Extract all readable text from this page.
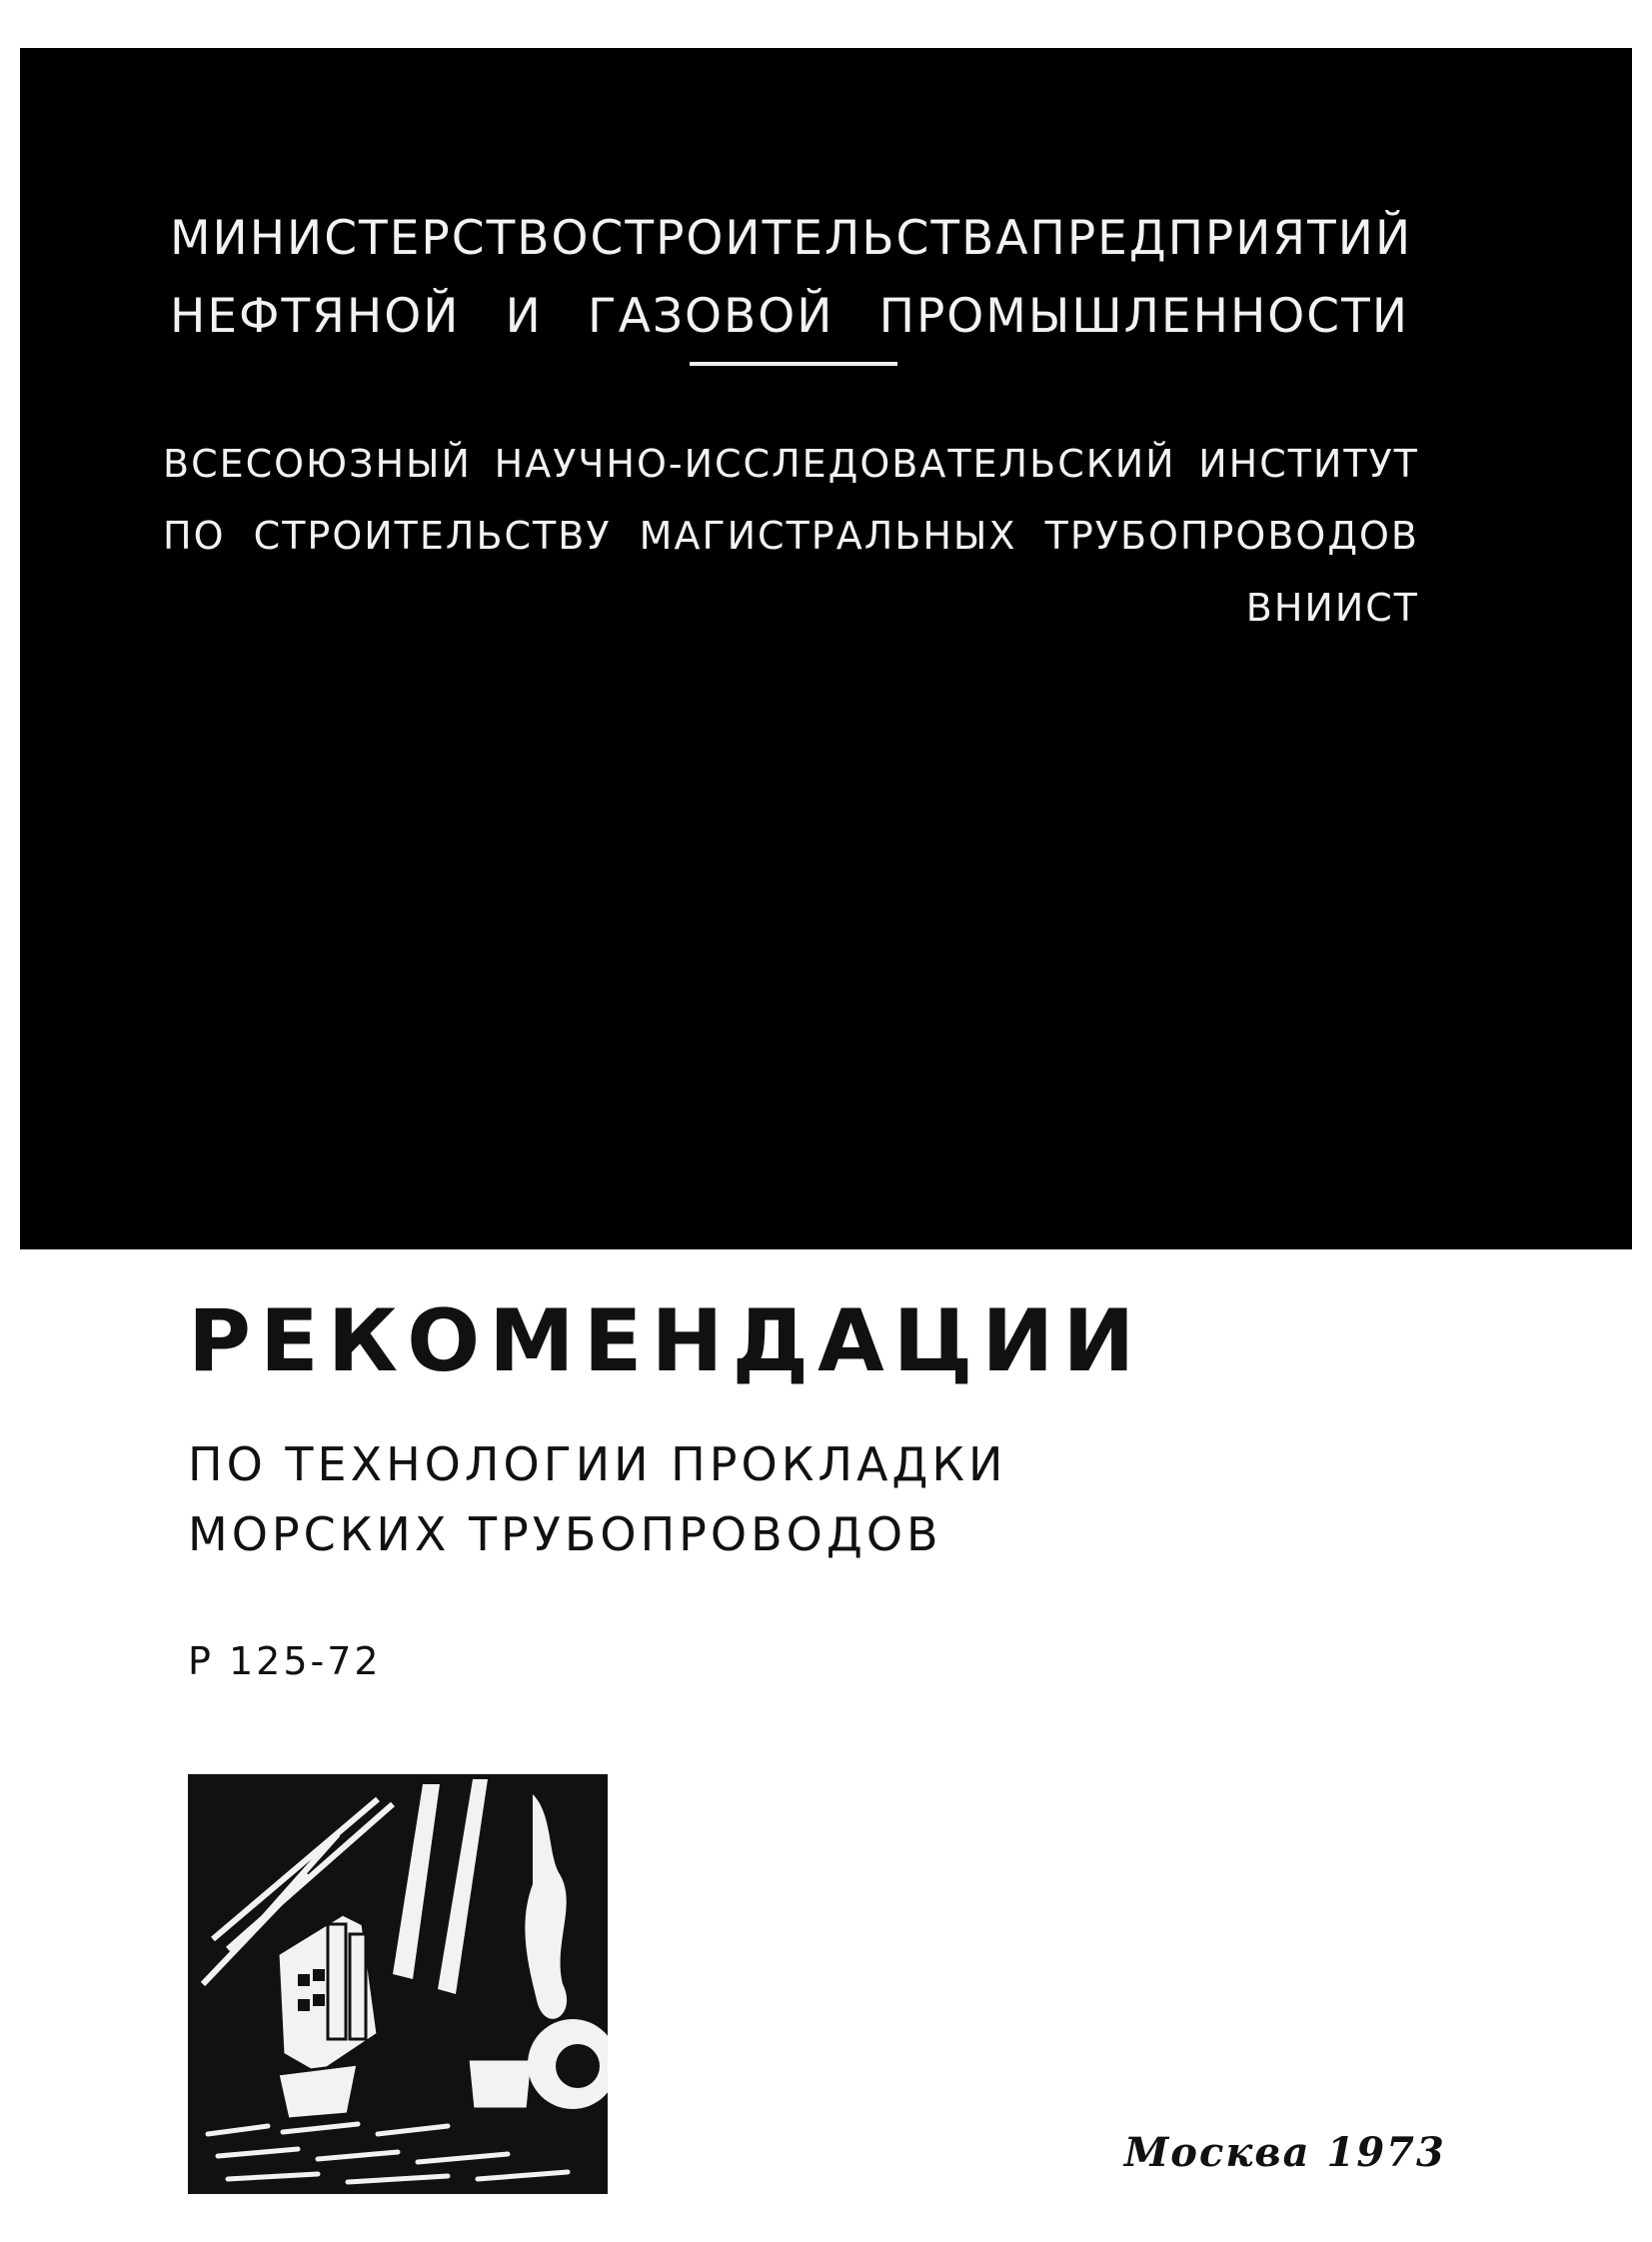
МИНИСТЕРСТВО СТРОИТЕЛЬСТВА ПРЕДПРИЯТИЙ
НЕФТЯНОЙ И ГАЗОВОЙ ПРОМЫШЛЕННОСТИ
ВСЕСОЮЗНЫЙ НАУЧНО-ИССЛЕДОВАТЕЛЬСКИЙ ИНСТИТУТ
ПО СТРОИТЕЛЬСТВУ МАГИСТРАЛЬНЫХ ТРУБОПРОВОДОВ
ВНИИСТ
РЕКОМЕНДАЦИИ
ПО ТЕХНОЛОГИИ ПРОКЛАДКИ
МОРСКИХ ТРУБОПРОВОДОВ
Р 125-72
Москва 1973
